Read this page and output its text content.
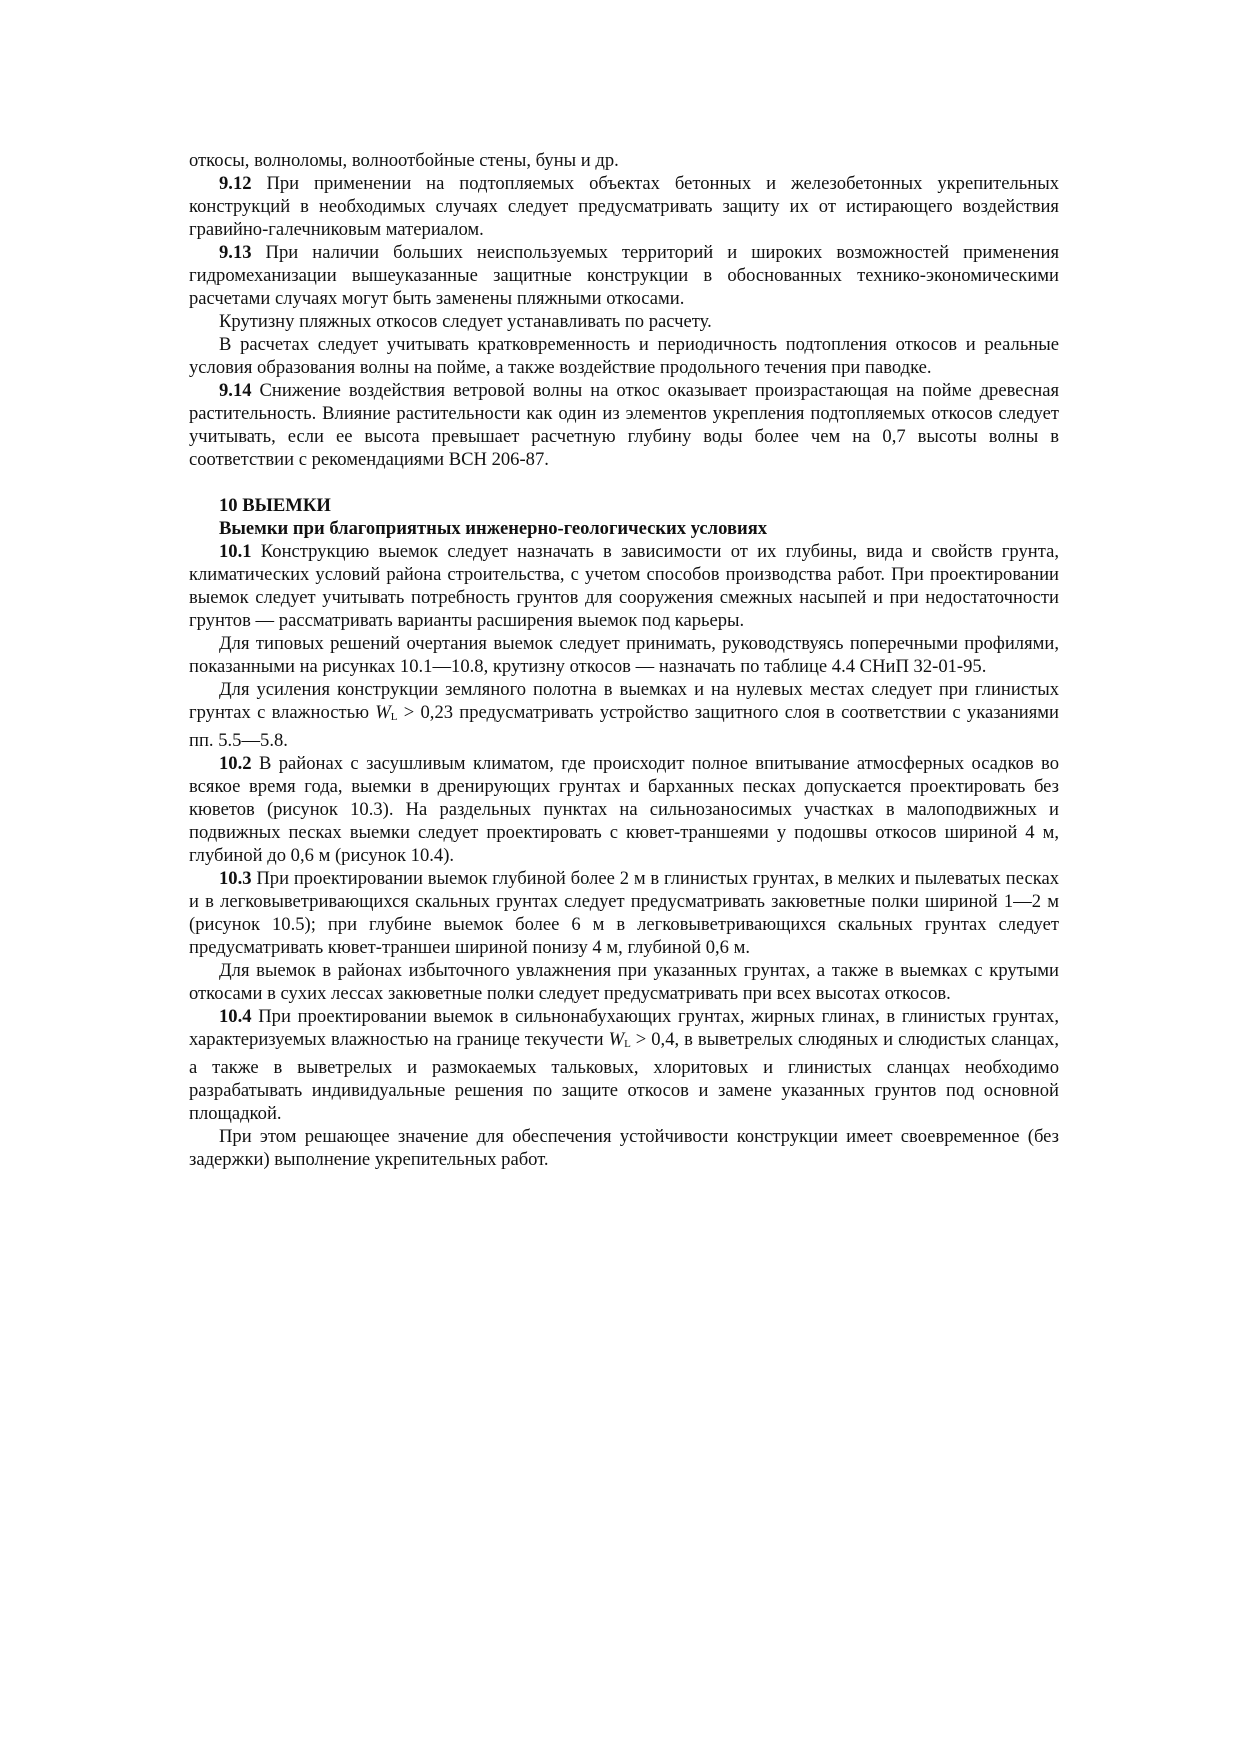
откосы, волноломы, волноотбойные стены, буны и др.

9.12 При применении на подтопляемых объектах бетонных и железобетонных укрепительных конструкций в необходимых случаях следует предусматривать защиту их от истирающего воздействия гравийно-галечниковым материалом.

9.13 При наличии больших неиспользуемых территорий и широких возможностей применения гидромеханизации вышеуказанные защитные конструкции в обоснованных технико-экономическими расчетами случаях могут быть заменены пляжными откосами.

Крутизну пляжных откосов следует устанавливать по расчету.

В расчетах следует учитывать кратковременность и периодичность подтопления откосов и реальные условия образования волны на пойме, а также воздействие продольного течения при паводке.

9.14 Снижение воздействия ветровой волны на откос оказывает произрастающая на пойме древесная растительность. Влияние растительности как один из элементов укрепления подтопляемых откосов следует учитывать, если ее высота превышает расчетную глубину воды более чем на 0,7 высоты волны в соответствии с рекомендациями ВСН 206-87.

10 ВЫЕМКИ

Выемки при благоприятных инженерно-геологических условиях

10.1 Конструкцию выемок следует назначать в зависимости от их глубины, вида и свойств грунта, климатических условий района строительства, с учетом способов производства работ. При проектировании выемок следует учитывать потребность грунтов для сооружения смежных насыпей и при недостаточности грунтов — рассматривать варианты расширения выемок под карьеры.

Для типовых решений очертания выемок следует принимать, руководствуясь поперечными профилями, показанными на рисунках 10.1—10.8, крутизну откосов — назначать по таблице 4.4 СНиП 32-01-95.

Для усиления конструкции земляного полотна в выемках и на нулевых местах следует при глинистых грунтах с влажностью WL > 0,23 предусматривать устройство защитного слоя в соответствии с указаниями пп. 5.5—5.8.

10.2 В районах с засушливым климатом, где происходит полное впитывание атмосферных осадков во всякое время года, выемки в дренирующих грунтах и барханных песках допускается проектировать без кюветов (рисунок 10.3). На раздельных пунктах на сильнозаносимых участках в малоподвижных и подвижных песках выемки следует проектировать с кювет-траншеями у подошвы откосов шириной 4 м, глубиной до 0,6 м (рисунок 10.4).

10.3 При проектировании выемок глубиной более 2 м в глинистых грунтах, в мелких и пылеватых песках и в легковыветривающихся скальных грунтах следует предусматривать закюветные полки шириной 1—2 м (рисунок 10.5); при глубине выемок более 6 м в легковыветривающихся скальных грунтах следует предусматривать кювет-траншеи шириной понизу 4 м, глубиной 0,6 м.

Для выемок в районах избыточного увлажнения при указанных грунтах, а также в выемках с крутыми откосами в сухих лессах закюветные полки следует предусматривать при всех высотах откосов.

10.4 При проектировании выемок в сильнонабухающих грунтах, жирных глинах, в глинистых грунтах, характеризуемых влажностью на границе текучести WL > 0,4, в выветрелых слюдяных и слюдистых сланцах, а также в выветрелых и размокаемых тальковых, хлоритовых и глинистых сланцах необходимо разрабатывать индивидуальные решения по защите откосов и замене указанных грунтов под основной площадкой.

При этом решающее значение для обеспечения устойчивости конструкции имеет своевременное (без задержки) выполнение укрепительных работ.
